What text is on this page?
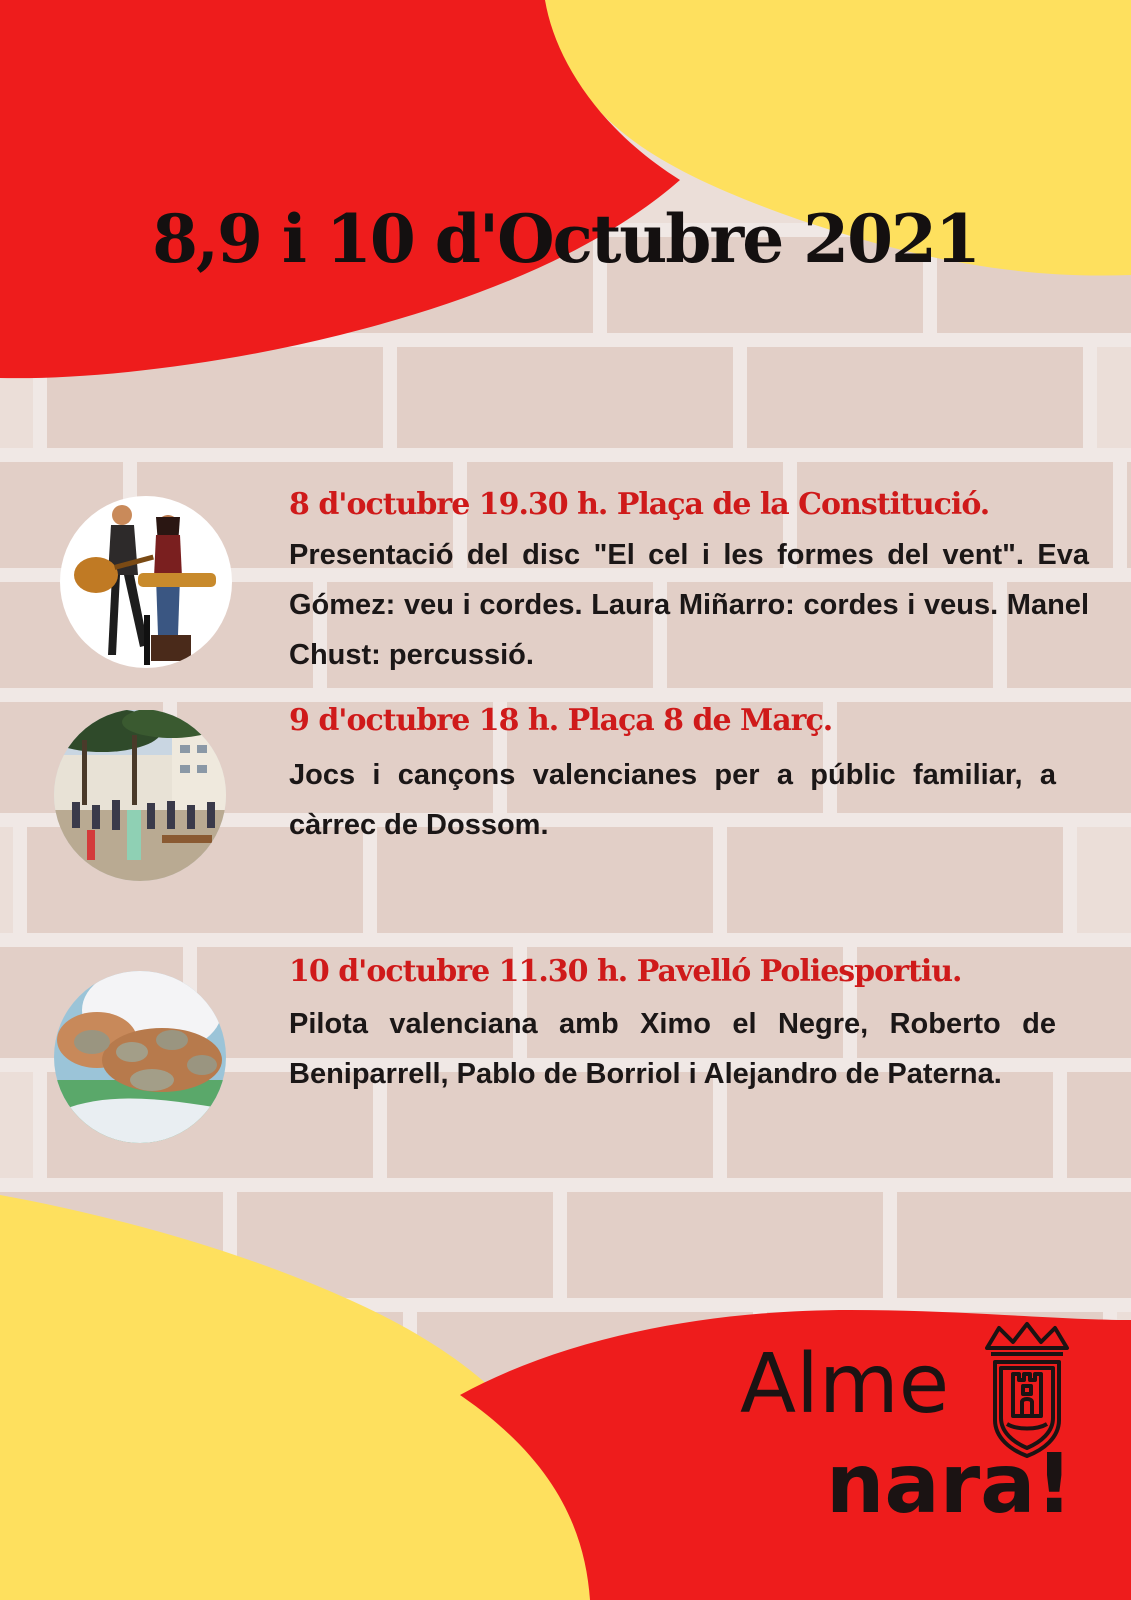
8,9 i 10 d'Octubre 2021

8 d'octubre 19.30 h. Plaça de la Constitució.

Presentació del disc "El cel i les formes del vent". Eva Gómez: veu i cordes. Laura Miñarro: cordes i veus. Manel Chust: percussió.

9 d'octubre 18 h. Plaça 8 de Març.

Jocs i cançons valencianes per a públic familiar, a càrrec de Dossom.

10 d'octubre 11.30 h. Pavelló Poliesportiu.

Pilota valenciana amb Ximo el Negre, Roberto de Beniparrell, Pablo de Borriol i Alejandro de Paterna.

Alme

nara!
